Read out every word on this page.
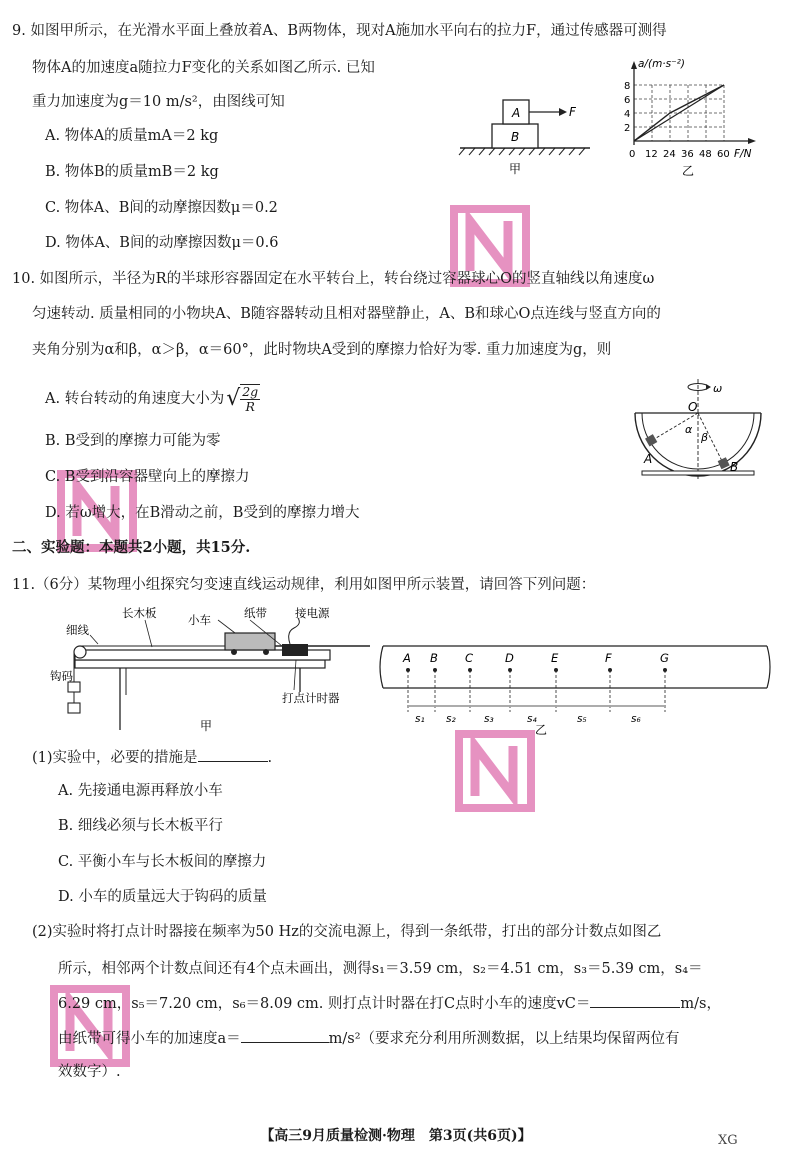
9. 如图甲所示，在光滑水平面上叠放着A、B两物体，现对A施加水平向右的拉力F，通过传感器可测得
物体A的加速度a随拉力F变化的关系如图乙所示. 已知
重力加速度为g＝10 m/s²，由图线可知
A. 物体A的质量mA＝2 kg
B. 物体B的质量mB＝2 kg
C. 物体A、B间的动摩擦因数μ＝0.2
D. 物体A、B间的动摩擦因数μ＝0.6
A
B
F
甲
a/(m·s⁻²)
8
6
4
2
0 12 24 36 48 60 F/N
乙
10. 如图所示，半径为R的半球形容器固定在水平转台上，转台绕过容器球心O的竖直轴线以角速度ω
匀速转动. 质量相同的小物块A、B随容器转动且相对器壁静止，A、B和球心O点连线与竖直方向的
夹角分别为α和β，α＞β，α＝60°，此时物块A受到的摩擦力恰好为零. 重力加速度为g，则
A. 转台转动的角速度大小为 √ $\frac{2g}{R}$
B. B受到的摩擦力可能为零
C. B受到沿容器壁向上的摩擦力
D. 若ω增大，在B滑动之前，B受到的摩擦力增大
ω
O
α
β
A
B
二、实验题：本题共2小题，共15分.
11.（6分）某物理小组探究匀变速直线运动规律，利用如图甲所示装置，请回答下列问题：
细线
长木板	小车	纸带 接电源
钩码
打点计时器
甲
A B C	D	E	F	G
s₁ s₂	s₃	s₄	s₅	s₆
乙
(1)实验中，必要的措施是	.
A. 先接通电源再释放小车
B. 细线必须与长木板平行
C. 平衡小车与长木板间的摩擦力
D. 小车的质量远大于钩码的质量
(2)实验时将打点计时器接在频率为50 Hz的交流电源上，得到一条纸带，打出的部分计数点如图乙
所示，相邻两个计数点间还有4个点未画出，测得s₁＝3.59 cm，s₂＝4.51 cm，s₃＝5.39 cm，s₄＝
6.29 cm，s₅＝7.20 cm，s₆＝8.09 cm. 则打点计时器在打C点时小车的速度vC＝	m/s，
由纸带可得小车的加速度a＝	m/s²（要求充分利用所测数据，以上结果均保留两位有
效数字）.
【高三9月质量检测·物理　第3页(共6页)】	XG
